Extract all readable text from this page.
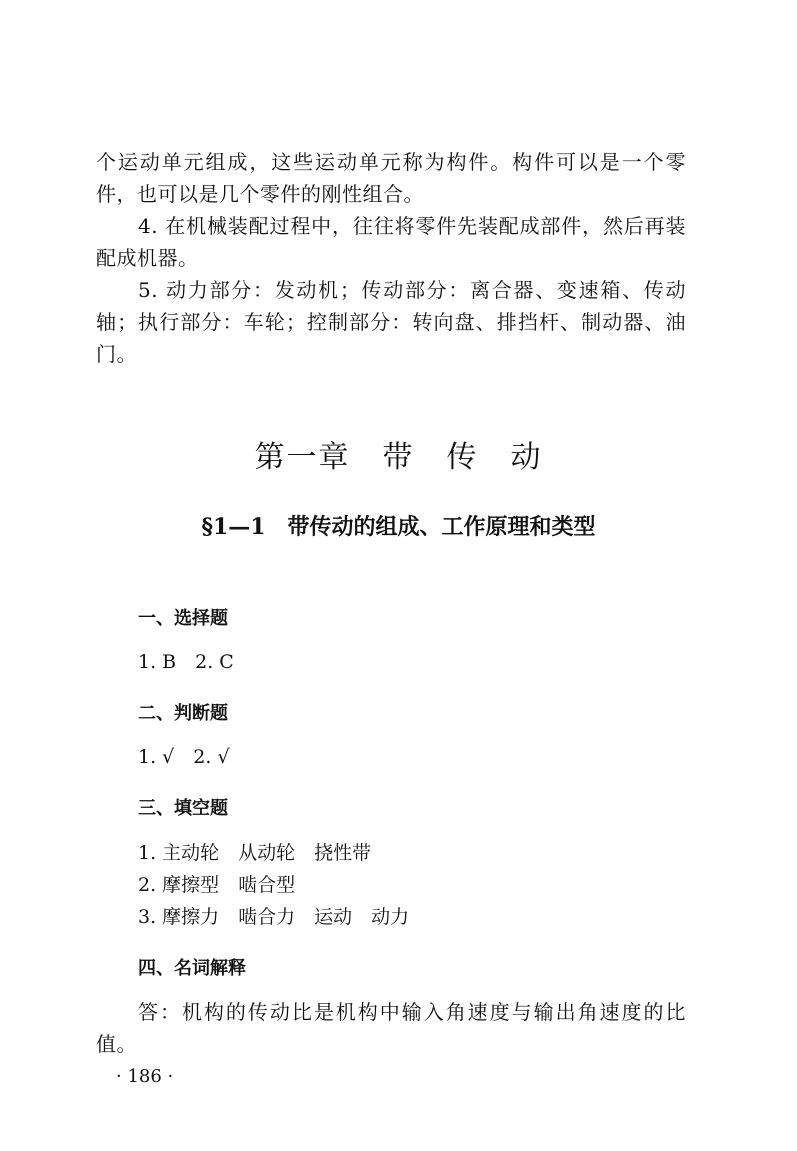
个运动单元组成，这些运动单元称为构件。构件可以是一个零件，也可以是几个零件的刚性组合。

4. 在机械装配过程中，往往将零件先装配成部件，然后再装配成机器。

5. 动力部分：发动机；传动部分：离合器、变速箱、传动轴；执行部分：车轮；控制部分：转向盘、排挡杆、制动器、油门。

第一章　带　传　动
§1—1　带传动的组成、工作原理和类型
一、选择题

1. B　2. C

二、判断题

1. √　2. √

三、填空题

1. 主动轮　从动轮　挠性带

2. 摩擦型　啮合型

3. 摩擦力　啮合力　运动　动力

四、名词解释

答：机构的传动比是机构中输入角速度与输出角速度的比值。

· 186 ·
